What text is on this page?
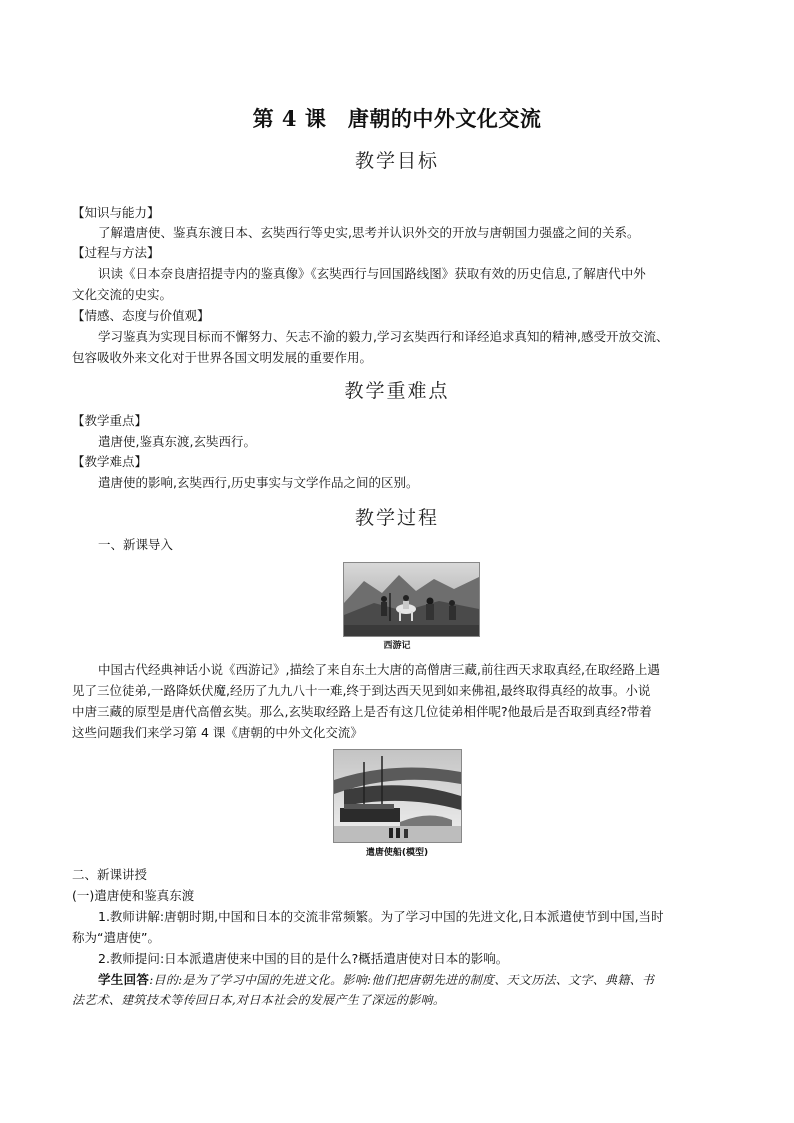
第 4 课　唐朝的中外文化交流
教学目标
【知识与能力】
了解遣唐使、鉴真东渡日本、玄奘西行等史实,思考并认识外交的开放与唐朝国力强盛之间的关系。
【过程与方法】
识读《日本奈良唐招提寺内的鉴真像》《玄奘西行与回国路线图》获取有效的历史信息,了解唐代中外
文化交流的史实。
【情感、态度与价值观】
学习鉴真为实现目标而不懈努力、矢志不渝的毅力,学习玄奘西行和译经追求真知的精神,感受开放交流、
包容吸收外来文化对于世界各国文明发展的重要作用。
教学重难点
【教学重点】
遣唐使,鉴真东渡,玄奘西行。
【教学难点】
遣唐使的影响,玄奘西行,历史事实与文学作品之间的区别。
教学过程
一、新课导入
西游记
中国古代经典神话小说《西游记》,描绘了来自东土大唐的高僧唐三藏,前往西天求取真经,在取经路上遇
见了三位徒弟,一路降妖伏魔,经历了九九八十一难,终于到达西天见到如来佛祖,最终取得真经的故事。小说
中唐三藏的原型是唐代高僧玄奘。那么,玄奘取经路上是否有这几位徒弟相伴呢?他最后是否取到真经?带着
这些问题我们来学习第 4 课《唐朝的中外文化交流》
遣唐使船(模型)
二、新课讲授
(一)遣唐使和鉴真东渡
1.教师讲解:唐朝时期,中国和日本的交流非常频繁。为了学习中国的先进文化,日本派遣使节到中国,当时
称为“遣唐使”。
2.教师提问:日本派遣唐使来中国的目的是什么?概括遣唐使对日本的影响。
学生回答:目的:是为了学习中国的先进文化。影响:他们把唐朝先进的制度、天文历法、文字、典籍、书
法艺术、建筑技术等传回日本,对日本社会的发展产生了深远的影响。
